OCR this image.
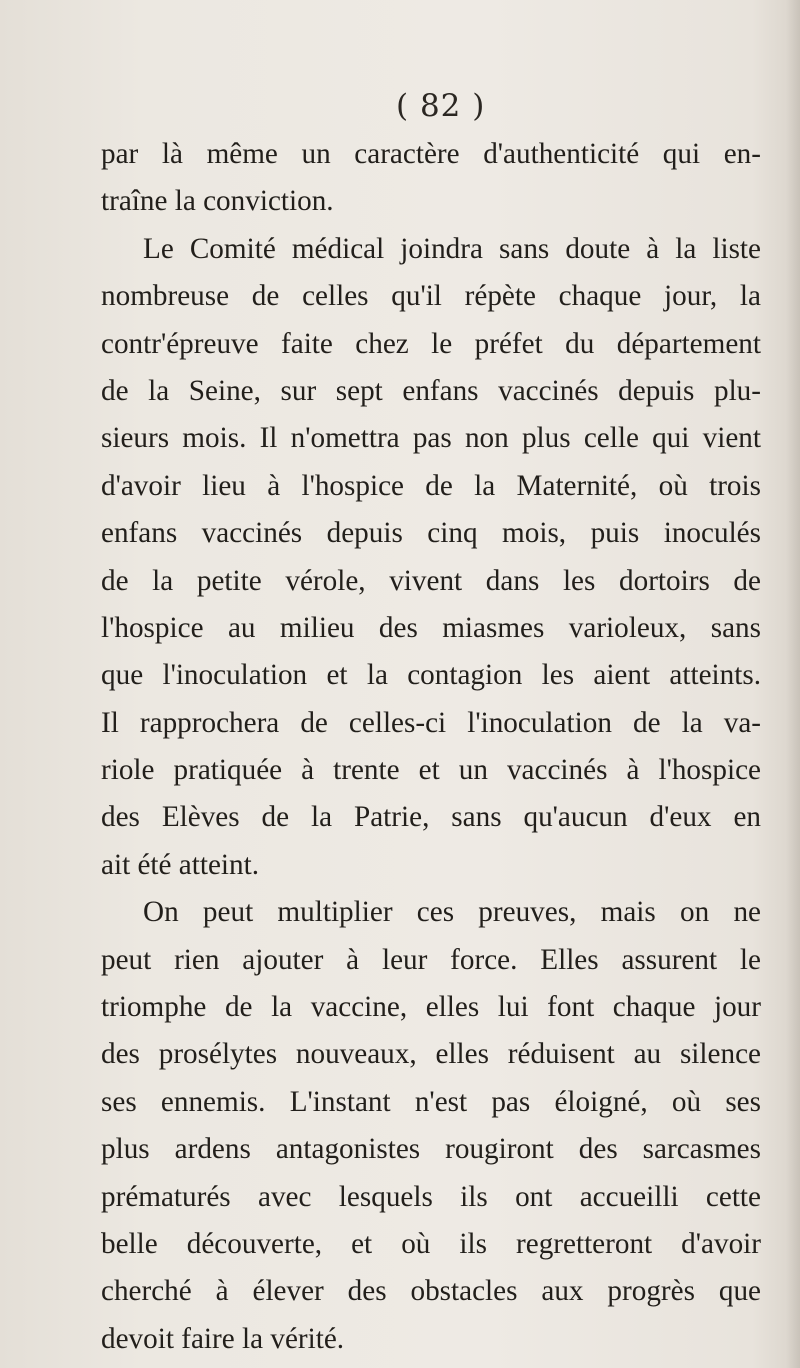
( 82 )
par là même un caractère d'authenticité qui en-
traîne la conviction.
Le Comité médical joindra sans doute à la liste
nombreuse de celles qu'il répète chaque jour, la
contr'épreuve faite chez le préfet du département
de la Seine, sur sept enfans vaccinés depuis plu-
sieurs mois. Il n'omettra pas non plus celle qui vient
d'avoir lieu à l'hospice de la Maternité, où trois
enfans vaccinés depuis cinq mois, puis inoculés
de la petite vérole, vivent dans les dortoirs de
l'hospice au milieu des miasmes varioleux, sans
que l'inoculation et la contagion les aient atteints.
Il rapprochera de celles-ci l'inoculation de la va-
riole pratiquée à trente et un vaccinés à l'hospice
des Elèves de la Patrie, sans qu'aucun d'eux en
ait été atteint.
On peut multiplier ces preuves, mais on ne
peut rien ajouter à leur force. Elles assurent le
triomphe de la vaccine, elles lui font chaque jour
des prosélytes nouveaux, elles réduisent au silence
ses ennemis. L'instant n'est pas éloigné, où ses
plus ardens antagonistes rougiront des sarcasmes
prématurés avec lesquels ils ont accueilli cette
belle découverte, et où ils regretteront d'avoir
cherché à élever des obstacles aux progrès que
devoit faire la vérité.
